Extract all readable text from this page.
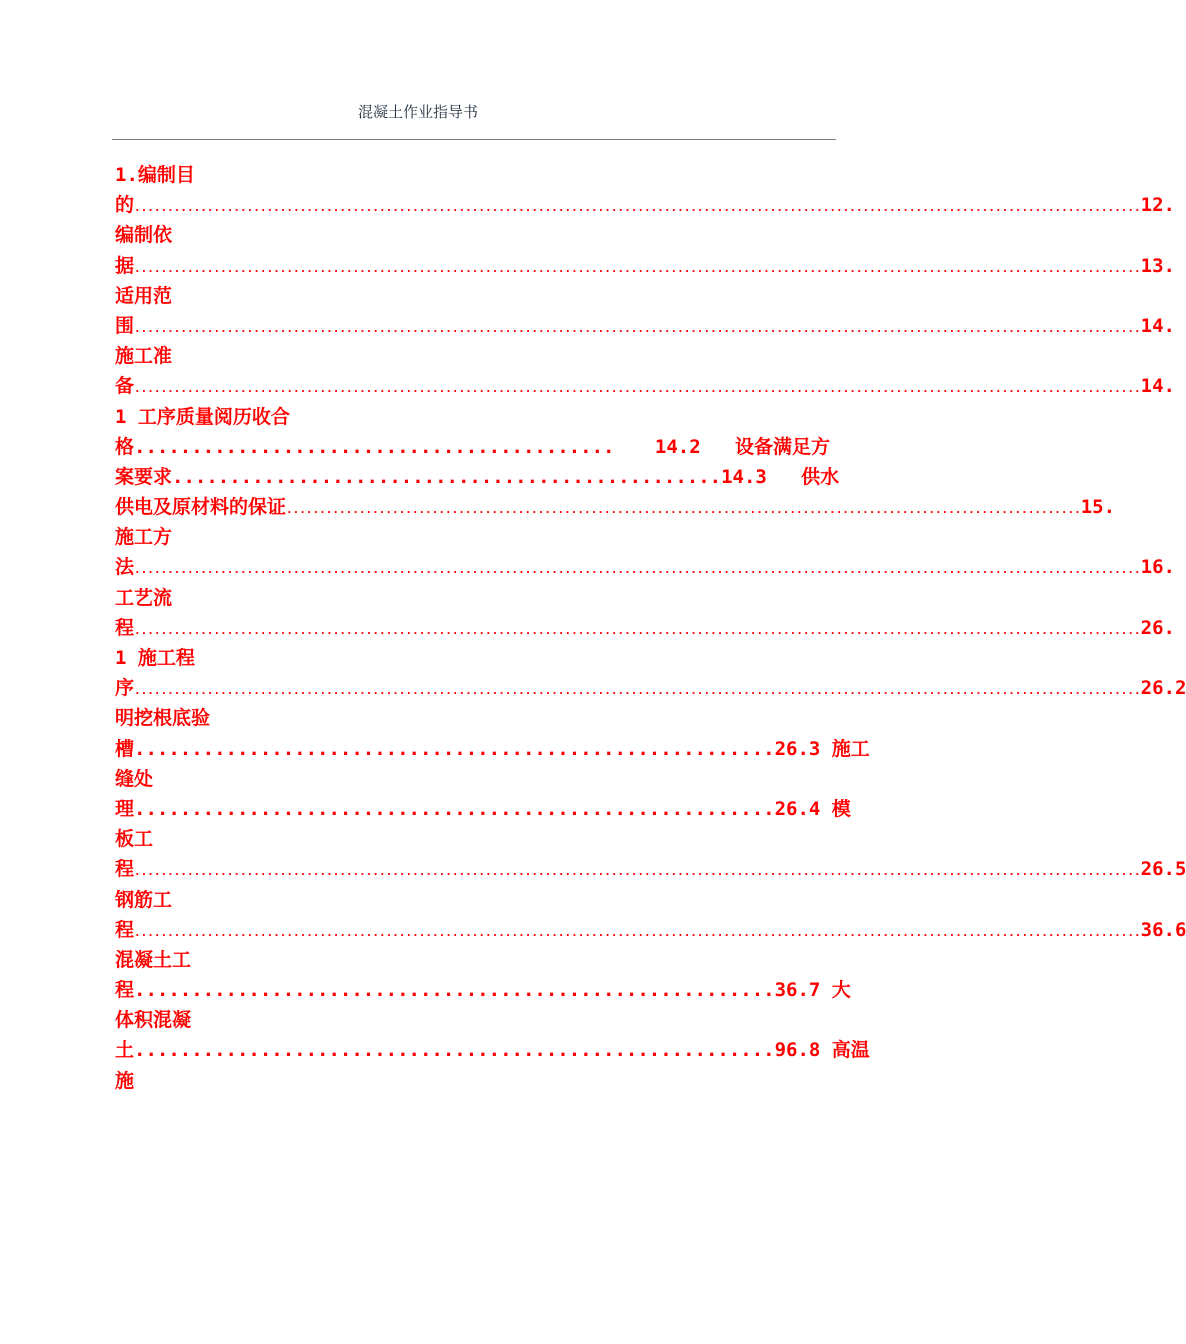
混凝土作业指导书
1.编制目
的 ........................................................................................................................................................ 12.
编制依
据 ........................................................................................................................................................ 13.
适用范
围 ........................................................................................................................................................ 14.
施工准
备 ........................................................................................................................................................ 14.
1 工序质量阅历收合
格 ..........................................	14.2   设备满足方
案要求 ................................................ 14.3   供水
供电及原材料的保证 ........................................................................................................................ 15.
施工方
法 ........................................................................................................................................................ 16.
工艺流
程 ........................................................................................................................................................ 26.
1 施工程
序 ........................................................................................................................................................ 26.2
明挖根底验
槽 ........................................................ 26.3 施工
缝处
理 ........................................................ 26.4 模
板工
程 ........................................................................................................................................................ 26.5
钢筋工
程 ........................................................................................................................................................ 36.6
混凝土工
程 ........................................................ 36.7 大
体积混凝
土 ........................................................ 96.8 高温
施
